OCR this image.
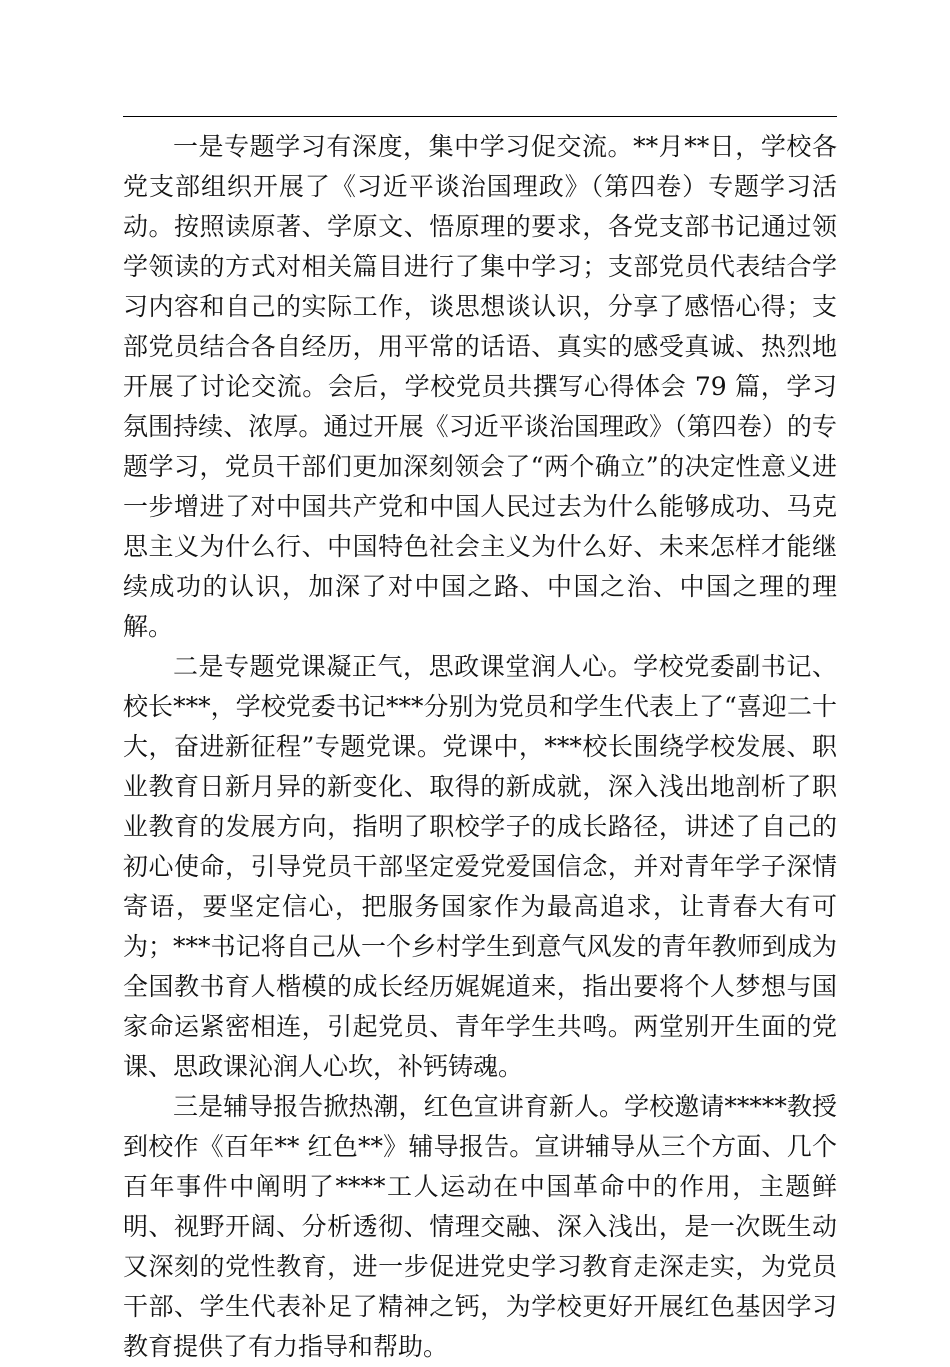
一是专题学习有深度，集中学习促交流。**月**日，学校各党支部组织开展了《习近平谈治国理政》（第四卷）专题学习活动。按照读原著、学原文、悟原理的要求，各党支部书记通过领学领读的方式对相关篇目进行了集中学习；支部党员代表结合学习内容和自己的实际工作，谈思想谈认识，分享了感悟心得；支部党员结合各自经历，用平常的话语、真实的感受真诚、热烈地开展了讨论交流。会后，学校党员共撰写心得体会 79 篇，学习氛围持续、浓厚。通过开展《习近平谈治国理政》（第四卷）的专题学习，党员干部们更加深刻领会了“两个确立”的决定性意义进一步增进了对中国共产党和中国人民过去为什么能够成功、马克思主义为什么行、中国特色社会主义为什么好、未来怎样才能继续成功的认识，加深了对中国之路、中国之治、中国之理的理解。

二是专题党课凝正气，思政课堂润人心。学校党委副书记、校长***，学校党委书记***分别为党员和学生代表上了“喜迎二十大，奋进新征程”专题党课。党课中，***校长围绕学校发展、职业教育日新月异的新变化、取得的新成就，深入浅出地剖析了职业教育的发展方向，指明了职校学子的成长路径，讲述了自己的初心使命，引导党员干部坚定爱党爱国信念，并对青年学子深情寄语，要坚定信心，把服务国家作为最高追求，让青春大有可为；***书记将自己从一个乡村学生到意气风发的青年教师到成为全国教书育人楷模的成长经历娓娓道来，指出要将个人梦想与国家命运紧密相连，引起党员、青年学生共鸣。两堂别开生面的党课、思政课沁润人心坎，补钙铸魂。

三是辅导报告掀热潮，红色宣讲育新人。学校邀请*****教授到校作《百年** 红色**》辅导报告。宣讲辅导从三个方面、几个百年事件中阐明了****工人运动在中国革命中的作用，主题鲜明、视野开阔、分析透彻、情理交融、深入浅出，是一次既生动又深刻的党性教育，进一步促进党史学习教育走深走实，为党员干部、学生代表补足了精神之钙，为学校更好开展红色基因学习教育提供了有力指导和帮助。
